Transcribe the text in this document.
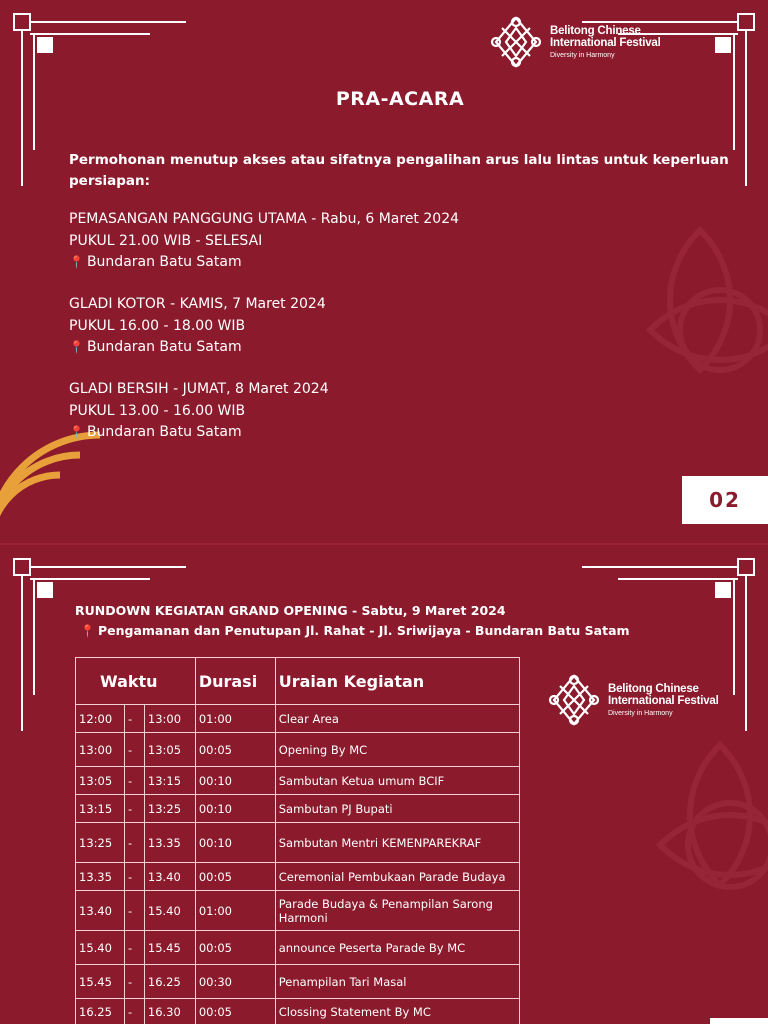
Belitong Chinese
International Festival
Diversity in Harmony
PRA-ACARA
Permohonan menutup akses atau sifatnya pengalihan arus lalu lintas untuk keperluan persiapan:
PEMASANGAN PANGGUNG UTAMA - Rabu, 6 Maret 2024
PUKUL 21.00 WIB - SELESAI
📍 Bundaran Batu Satam
GLADI KOTOR - KAMIS, 7 Maret 2024
PUKUL 16.00 - 18.00 WIB
📍 Bundaran Batu Satam
GLADI BERSIH - JUMAT, 8 Maret 2024
PUKUL 13.00 - 16.00 WIB
📍 Bundaran Batu Satam
02
RUNDOWN KEGIATAN GRAND OPENING - Sabtu, 9 Maret 2024
📍 Pengamanan dan Penutupan Jl. Rahat - Jl. Sriwijaya - Bundaran Batu Satam
Waktu			Durasi	Uraian Kegiatan
12:00	-	13:00	01:00	Clear Area
13:00	-	13:05	00:05	Opening By MC
13:05	-	13:15	00:10	Sambutan Ketua umum BCIF
13:15	-	13:25	00:10	Sambutan PJ Bupati
13:25	-	13.35	00:10	Sambutan Mentri KEMENPAREKRAF
13.35	-	13.40	00:05	Ceremonial Pembukaan Parade Budaya
13.40	-	15.40	01:00	Parade Budaya & Penampilan Sarong Harmoni
15.40	-	15.45	00:05	announce Peserta Parade By MC
15.45	-	16.25	00:30	Penampilan Tari Masal
16.25	-	16.30	00:05	Clossing Statement By MC
Belitong Chinese
International Festival
Diversity in Harmony
